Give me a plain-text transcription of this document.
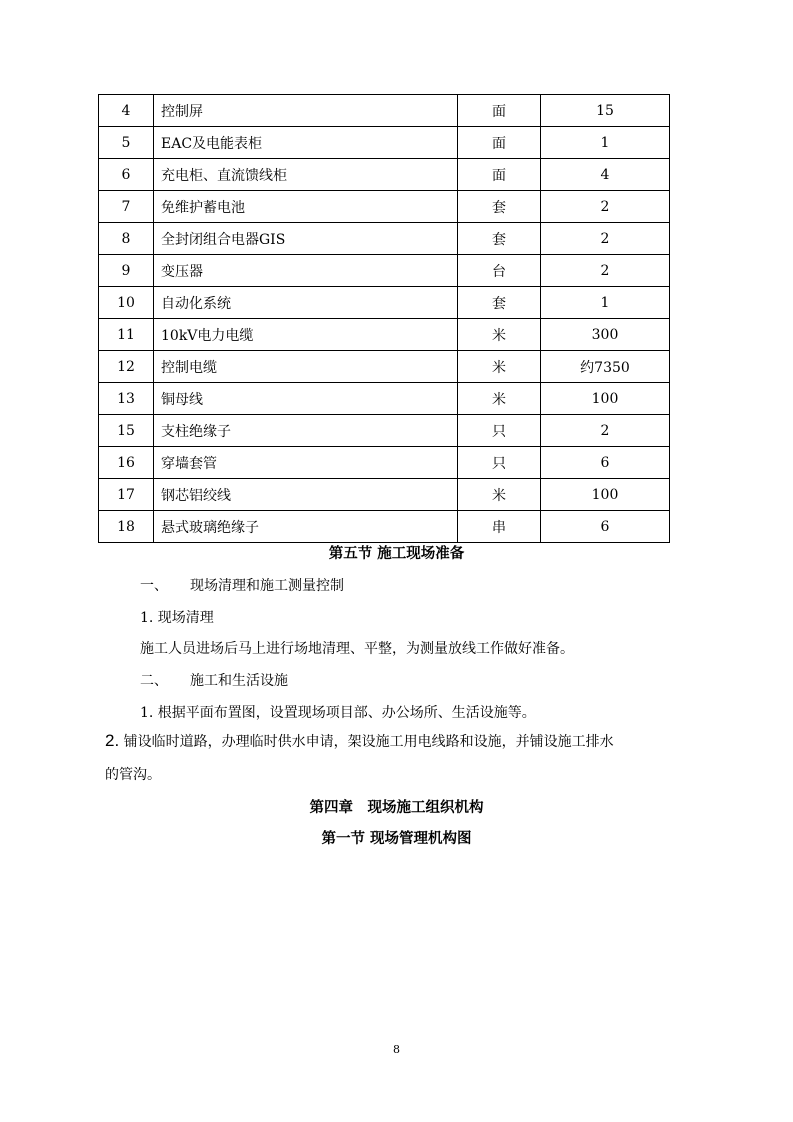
4	控制屏	面	15
5	EAC及电能表柜	面	1
6	充电柜、直流馈线柜	面	4
7	免维护蓄电池	套	2
8	全封闭组合电器GIS	套	2
9	变压器	台	2
10	自动化系统	套	1
11	10kV电力电缆	米	300
12	控制电缆	米	约7350
13	铜母线	米	100
15	支柱绝缘子	只	2
16	穿墙套管	只	6
17	钢芯铝绞线	米	100
18	悬式玻璃绝缘子	串	6
第五节 施工现场准备

一、 现场清理和施工测量控制

1. 现场清理

施工人员进场后马上进行场地清理、平整，为测量放线工作做好准备。

二、 施工和生活设施

1. 根据平面布置图，设置现场项目部、办公场所、生活设施等。

2. 铺设临时道路，办理临时供水申请，架设施工用电线路和设施，并铺设施工排水

的管沟。

第四章　现场施工组织机构
第一节 现场管理机构图

8
